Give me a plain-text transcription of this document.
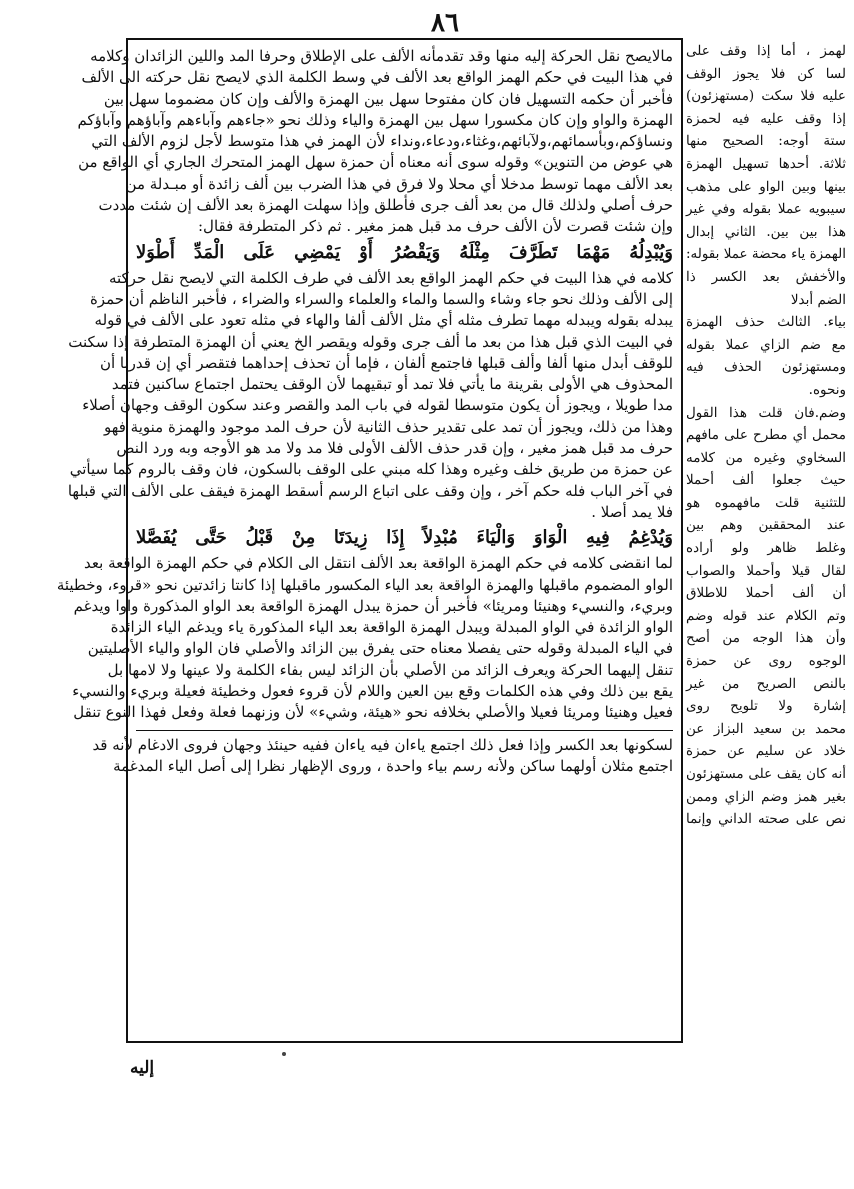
٨٦
مالايصح نقل الحركة إليه منها وقد تقدمأنه الألف على الإطلاق وحرفا المد واللين الزائدان وكلامه
في هذا البيت في حكم الهمز الواقع بعد الألف في وسط الكلمة الذي لايصح نقل حركته الى الألف
فأخبر أن حكمه التسهيل فان كان مفتوحا سهل بين الهمزة والألف وإن كان مضموما سهل بين
الهمزة والواو وإن كان مكسورا سهل بين الهمزة والياء وذلك نحو «جاءهم وآباءهم وآباؤهم وآباؤكم
ونساؤكم،وبأسمائهم،ولآبائهم،وغثاء،ودعاء،ونداء لأن الهمز في هذا متوسط لأجل لزوم الألف التي
هي عوض من التنوين» وقوله سوى أنه معناه أن حمزة سهل الهمز المتحرك الجاري أي الواقع من
بعد الألف مهما توسط مدخلا أي محلا ولا فرق في هذا الضرب بين ألف زائدة أو مبـدلة من
حرف أصلي ولذلك قال من بعد ألف جرى فأطلق وإذا سهلت الهمزة بعد الألف إن شئت مددت
وإن شئت قصرت لأن الألف حرف مد قبل همز مغير . ثم ذكر المتطرفة فقال:
وَيُبْدِلُهُ مَهْمَا تَطَرَّفَ مِثْلَهُ وَيَقْصُرُ أَوْ يَمْضِي عَلَى الْمَدِّ أَطْوَلا
كلامه في هذا البيت في حكم الهمز الواقع بعد الألف في طرف الكلمة التي لايصح نقل حركته
إلى الألف وذلك نحو جاء وشاء والسما والماء والعلماء والسراء والضراء ، فأخبر الناظم أن حمزة
يبدله بقوله ويبدله مهما تطرف مثله أي مثل الألف ألفا والهاء في مثله تعود على الألف في قوله
في البيت الذي قبل هذا من بعد ما ألف جرى وقوله ويقصر الخ يعني أن الهمزة المتطرفة إذا سكنت
للوقف أبدل منها ألفا وألف قبلها فاجتمع ألفان ، فإما أن تحذف إحداهما فتقصر أي إن قدرنا أن
المحذوف هي الأولى بقرينة ما يأتي فلا تمد أو تبقيهما لأن الوقف يحتمل اجتماع ساكنين فتمد
مدا طويلا ، ويجوز أن يكون متوسطا لقوله في باب المد والقصر وعند سكون الوقف وجهان أصلاء
وهذا من ذلك، ويجوز أن تمد على تقدير حذف الثانية لأن حرف المد موجود والهمزة منوية فهو
حرف مد قبل همز مغير ، وإن قدر حذف الألف الأولى فلا مد ولا مد هو الأوجه وبه ورد النص
عن حمزة من طريق خلف وغيره وهذا كله مبني على الوقف بالسكون، فان وقف بالروم كما سيأتي
في آخر الباب فله حكم آخر ، وإن وقف على اتباع الرسم أسقط الهمزة فيقف على الألف التي قبلها
فلا يمد أصلا .
وَيُدْغِمُ فِيهِ الْوَاوَ وَالْيَاءَ مُبْدِلاً إِذَا زِيدَتَا مِنْ قَبْلُ حَتَّى يُفَصَّلا
لما انقضى كلامه في حكم الهمزة الواقعة بعد الألف انتقل الى الكلام في حكم الهمزة الواقعة بعد
الواو المضموم ماقبلها والهمزة الواقعة بعد الياء المكسور ماقبلها إذا كانتا زائدتين نحو «قروء، وخطيئة
وبريء، والنسيء وهنيئا ومريئا» فأخبر أن حمزة يبدل الهمزة الواقعة بعد الواو المذكورة واوا ويدغم
الواو الزائدة في الواو المبدلة ويبدل الهمزة الواقعة بعد الياء المذكورة ياء ويدغم الياء الزائدة
في الياء المبدلة وقوله حتى يفصلا معناه حتى يفرق بين الزائد والأصلي فان الواو والياء الأصليتين
تنقل إليهما الحركة ويعرف الزائد من الأصلي بأن الزائد ليس بفاء الكلمة ولا عينها ولا لامها بل
يقع بين ذلك وفي هذه الكلمات وقع بين العين واللام لأن قروء فعول وخطيئة فعيلة وبريء والنسيء
فعيل وهنيئا ومريئا فعيلا والأصلي بخلافه نحو «هيئة، وشيء» لأن وزنهما فعلة وفعل فهذا النوع تنقل
لسكونها بعد الكسر وإذا فعل ذلك اجتمع ياءان فيه ياءان ففيه حينئذ وجهان فروى الادغام لأنه قد
اجتمع مثلان أولهما ساكن ولأنه رسم بياء واحدة ، وروى الإظهار نظرا إلى أصل الياء المدغمة
لهمز ، أما إذا وقف على
لسا كن فلا يجوز الوقف
عليه فلا سكت (مستهزئون)
إذا وقف عليه فيه لحمزة
ستة أوجه: الصحيح منها
ثلاثة. أحدها تسهيل الهمزة
بينها وبين الواو على مذهب
سيبويه عملا بقوله وفي غير
هذا بين بين. الثاني إبدال
الهمزة ياء محضة عملا بقوله:
والأخفش بعد الكسر ذا
الضم أبدلا
بياء. الثالث حذف الهمزة
مع ضم الزاي عملا بقوله
ومستهزئون الحذف فيه
ونحوه.
وضم.فان قلت هذا القول
محمل أي مطرح على مافهم
السخاوي وغيره من كلامه
حيث جعلوا ألف أحملا
للتثنية قلت مافهموه هو
عند المحققين وهم بين
وغلط ظاهر ولو أراده
لقال قيلا وأحملا والصواب
أن ألف أحملا للاطلاق
وتم الكلام عند قوله وضم
وأن هذا الوجه من أصح
الوجوه روى عن حمزة
بالنص الصريح من غير
إشارة ولا تلويح روى
محمد بن سعيد البزاز عن
خلاد عن سليم عن حمزة
أنه كان يقف على مستهزئون
بغير همز وضم الزاي وممن
نص على صحته الداني وإنما
إليه
